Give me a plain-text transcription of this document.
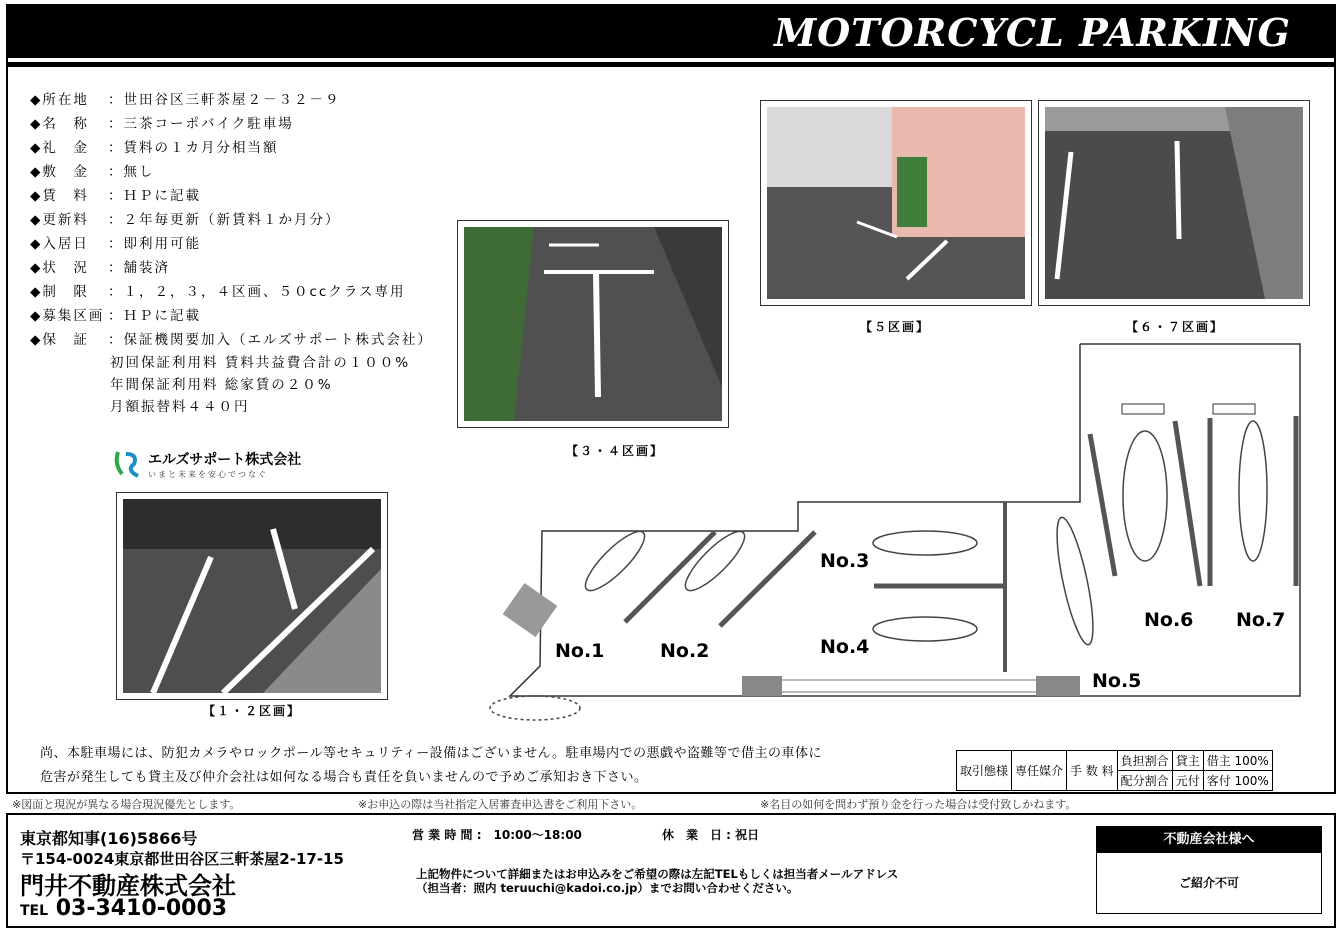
MOTORCYCL PARKING
◆所在地 ：世田谷区三軒茶屋２－３２－９
◆名　称 ：三茶コーポバイク駐車場
◆礼　金 ：賃料の１カ月分相当額
◆敷　金 ：無し
◆賃　料 ：ＨＰに記載
◆更新料 ：２年毎更新（新賃料１か月分）
◆入居日 ：即利用可能
◆状　況 ：舗装済
◆制　限 ：１，２，３，４区画、５０ccクラス専用
◆募集区画 ：ＨＰに記載
◆保　証 ：保証機関要加入（エルズサポート株式会社）
初回保証利用料 賃料共益費合計の１００%
年間保証利用料 総家賃の２０%
月額振替料４４０円
エルズサポート株式会社
いまと未来を安心でつなぐ
【１・２区画】
【３・４区画】
【５区画】	【６・７区画】
No.1	No.2
No.3
No.4
No.5
No.6 No.7
尚、本駐車場には、防犯カメラやロックポール等セキュリティー設備はございません。駐車場内での悪戯や盗難等で借主の車体に
危害が発生しても貸主及び仲介会社は如何なる場合も責任を負いませんので予めご承知おき下さい。	取引態様	専任媒介	手 数 料	負担割合	貸主	借主 100%
			配分割合	元付	客付 100%
※図面と現況が異なる場合現況優先とします。	※お申込の際は当社指定入居審査申込書をご利用下さい。	※名目の如何を問わず預り金を行った場合は受付致しかねます。
東京都知事(16)5866号
〒154-0024東京都世田谷区三軒茶屋2-17-15
門井不動産株式会社
TEL 03-3410-0003
営 業 時 間 :　10:00～18:00	休　業　日 : 祝日
上記物件について詳細またはお申込みをご希望の際は左記TELもしくは担当者メールアドレス
（担当者：照内 teruuchi@kadoi.co.jp）までお問い合わせください。
不動産会社様へ
ご紹介不可
